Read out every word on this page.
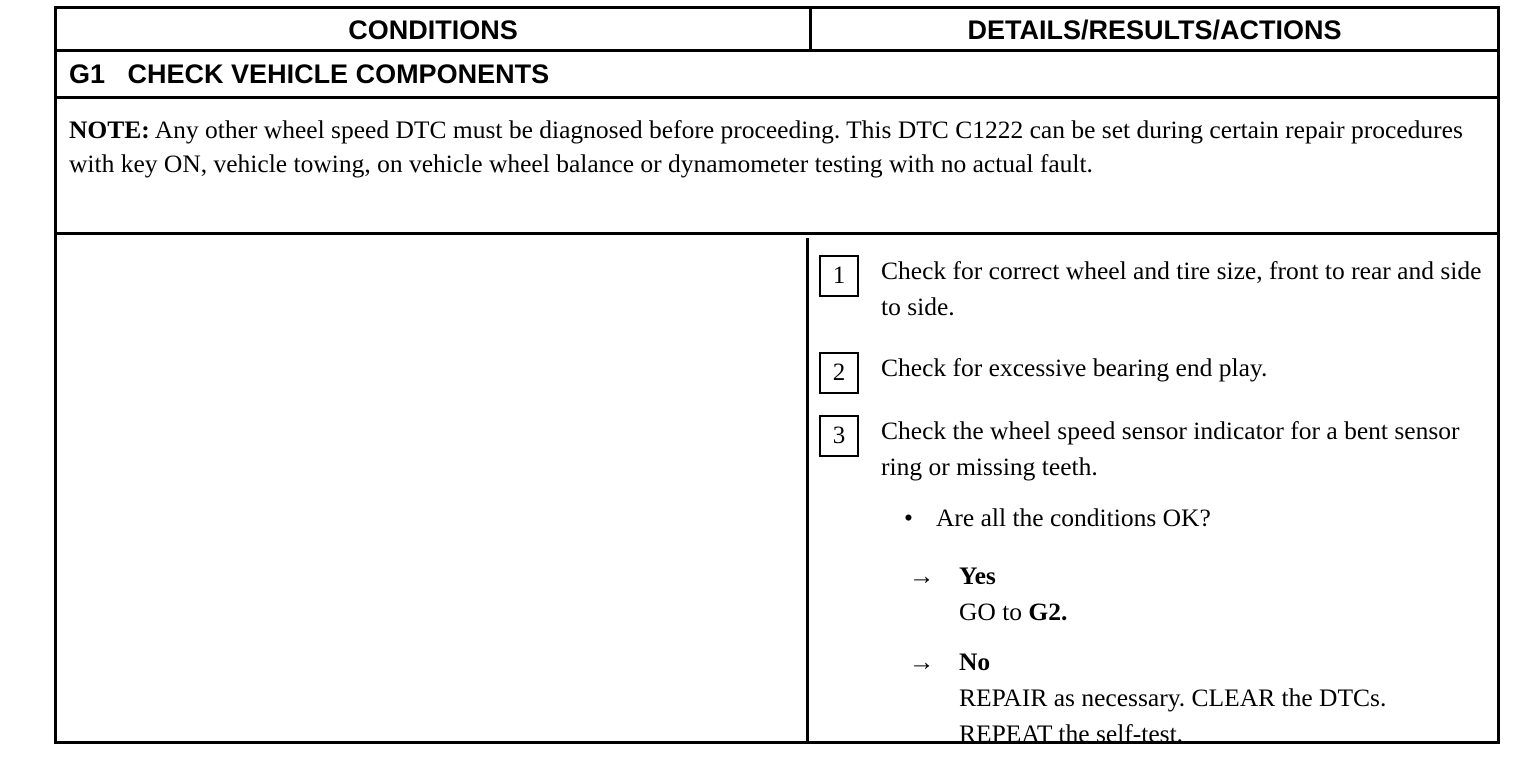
CONDITIONS	DETAILS/RESULTS/ACTIONS
G1 CHECK VEHICLE COMPONENTS
NOTE: Any other wheel speed DTC must be diagnosed before proceeding. This DTC C1222 can be set during certain repair procedures with key ON, vehicle towing, on vehicle wheel balance or dynamometer testing with no actual fault.
1	Check for correct wheel and tire size, front to rear and side to side.
2	Check for excessive bearing end play.
3	Check the wheel speed sensor indicator for a bent sensor ring or missing teeth.
• Are all the conditions OK?
→ Yes
GO to G2.
→ No
REPAIR as necessary. CLEAR the DTCs.
REPEAT the self-test.
